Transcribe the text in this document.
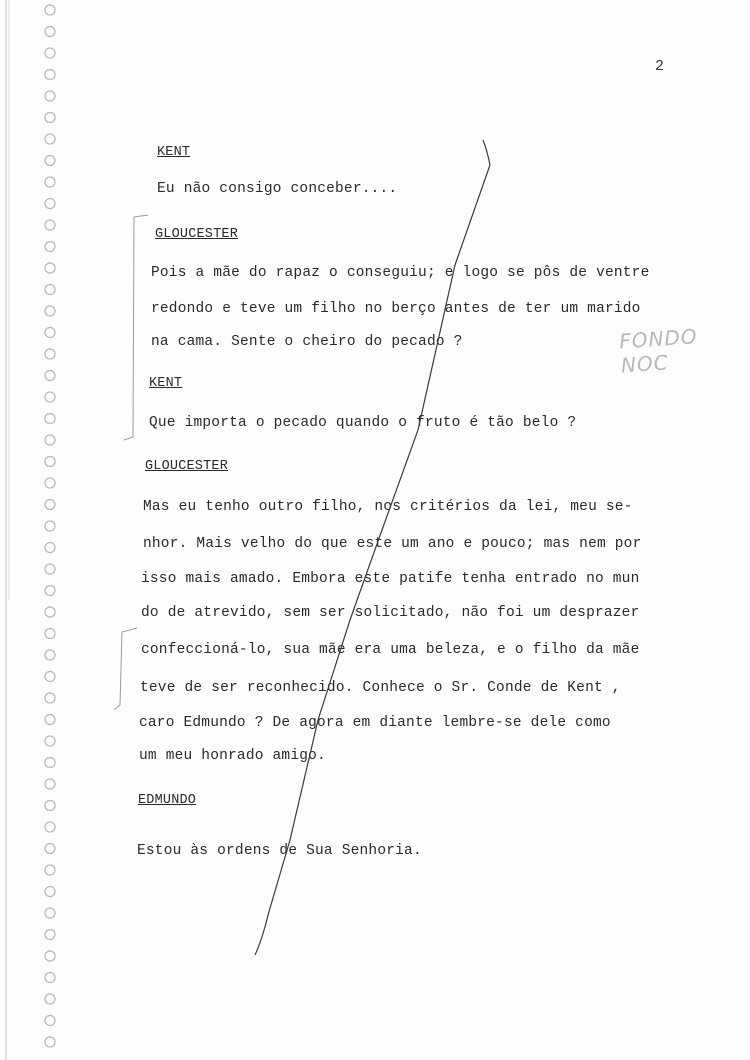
2
KENT
Eu não consigo conceber....
GLOUCESTER
Pois a mãe do rapaz o conseguiu; e logo se pôs de ventre
redondo e teve um filho no berço antes de ter um marido
na cama. Sente o cheiro do pecado ?
KENT
Que importa o pecado quando o fruto é tão belo ?
GLOUCESTER
Mas eu tenho outro filho, nos critérios da lei, meu se-
nhor. Mais velho do que este um ano e pouco; mas nem por
isso mais amado. Embora este patife tenha entrado no mun
do de atrevido, sem ser solicitado, não foi um desprazer
confeccioná-lo, sua mãe era uma beleza, e o filho da mãe
teve de ser reconhecido. Conhece o Sr. Conde de Kent ,
caro Edmundo ? De agora em diante lembre-se dele como
um meu honrado amigo.
EDMUNDO
Estou às ordens de Sua Senhoria.
FONDO NOC
